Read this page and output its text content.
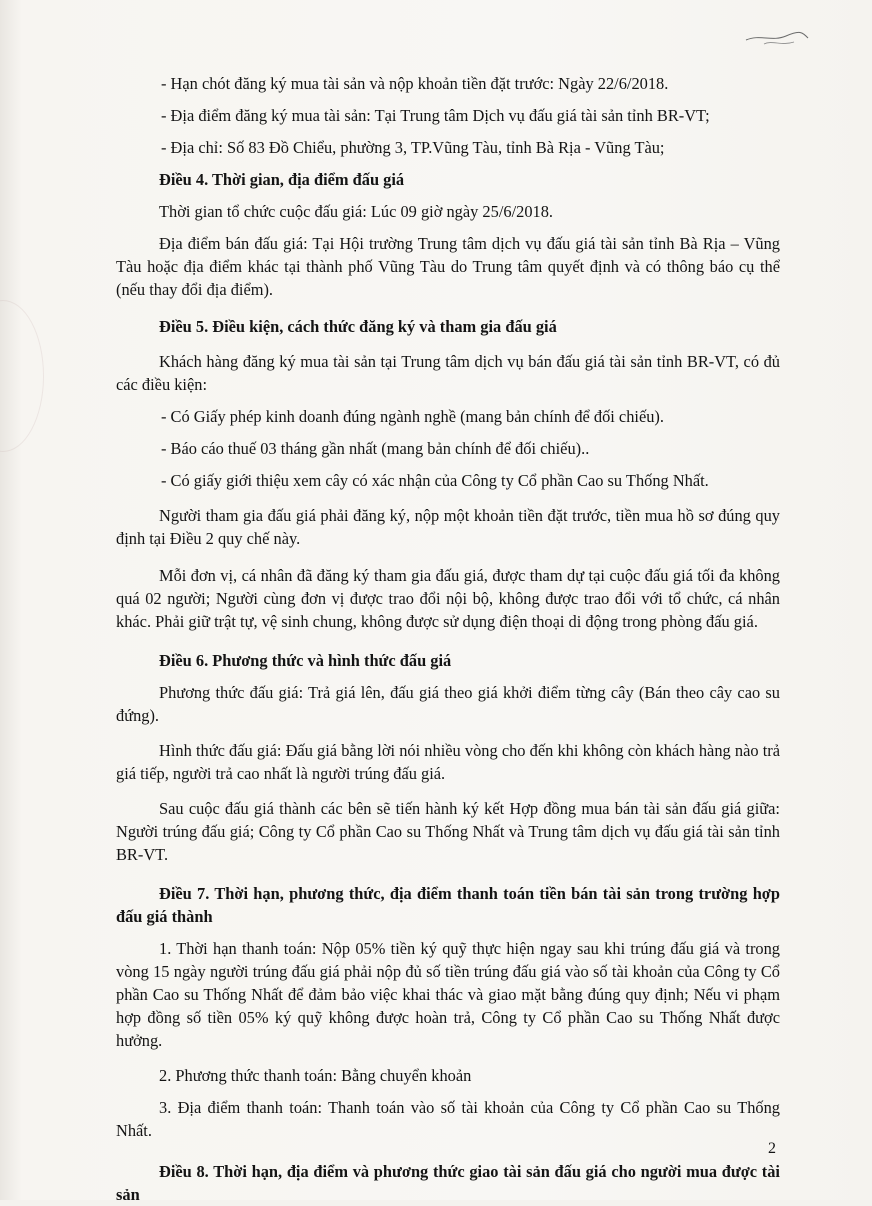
- Hạn chót đăng ký mua tài sản và nộp khoản tiền đặt trước: Ngày 22/6/2018.

- Địa điểm đăng ký mua tài sản: Tại Trung tâm Dịch vụ đấu giá tài sản tỉnh BR-VT;

- Địa chỉ: Số 83 Đồ Chiểu, phường 3, TP.Vũng Tàu, tỉnh Bà Rịa - Vũng Tàu;

Điều 4. Thời gian, địa điểm đấu giá

Thời gian tổ chức cuộc đấu giá: Lúc 09 giờ ngày 25/6/2018.

Địa điểm bán đấu giá: Tại Hội trường Trung tâm dịch vụ đấu giá tài sản tỉnh Bà Rịa – Vũng Tàu hoặc địa điểm khác tại thành phố Vũng Tàu do Trung tâm quyết định và có thông báo cụ thể (nếu thay đổi địa điểm).

Điều 5. Điều kiện, cách thức đăng ký và tham gia đấu giá

Khách hàng đăng ký mua tài sản tại Trung tâm dịch vụ bán đấu giá tài sản tỉnh BR-VT, có đủ các điều kiện:

- Có Giấy phép kinh doanh đúng ngành nghề (mang bản chính để đối chiếu).

- Báo cáo thuế 03 tháng gần nhất (mang bản chính để đối chiếu)..

- Có giấy giới thiệu xem cây có xác nhận của Công ty Cổ phần Cao su Thống Nhất.

Người tham gia đấu giá phải đăng ký, nộp một khoản tiền đặt trước, tiền mua hồ sơ đúng quy định tại Điều 2 quy chế này.

Mỗi đơn vị, cá nhân đã đăng ký tham gia đấu giá, được tham dự tại cuộc đấu giá tối đa không quá 02 người; Người cùng đơn vị được trao đổi nội bộ, không được trao đổi với tổ chức, cá nhân khác. Phải giữ trật tự, vệ sinh chung, không được sử dụng điện thoại di động trong phòng đấu giá.

Điều 6. Phương thức và hình thức đấu giá

Phương thức đấu giá: Trả giá lên, đấu giá theo giá khởi điểm từng cây (Bán theo cây cao su đứng).

Hình thức đấu giá: Đấu giá bằng lời nói nhiều vòng cho đến khi không còn khách hàng nào trả giá tiếp, người trả cao nhất là người trúng đấu giá.

Sau cuộc đấu giá thành các bên sẽ tiến hành ký kết Hợp đồng mua bán tài sản đấu giá giữa: Người trúng đấu giá; Công ty Cổ phần Cao su Thống Nhất và Trung tâm dịch vụ đấu giá tài sản tỉnh BR-VT.

Điều 7. Thời hạn, phương thức, địa điểm thanh toán tiền bán tài sản trong trường hợp đấu giá thành

1. Thời hạn thanh toán: Nộp 05% tiền ký quỹ thực hiện ngay sau khi trúng đấu giá và trong vòng 15 ngày người trúng đấu giá phải nộp đủ số tiền trúng đấu giá vào số tài khoản của Công ty Cổ phần Cao su Thống Nhất để đảm bảo việc khai thác và giao mặt bằng đúng quy định; Nếu vi phạm hợp đồng số tiền 05% ký quỹ không được hoàn trả, Công ty Cổ phần Cao su Thống Nhất được hưởng.

2. Phương thức thanh toán: Bằng chuyển khoản

3. Địa điểm thanh toán: Thanh toán vào số tài khoản của Công ty Cổ phần Cao su Thống Nhất.

Điều 8. Thời hạn, địa điểm và phương thức giao tài sản đấu giá cho người mua được tài sản

2
